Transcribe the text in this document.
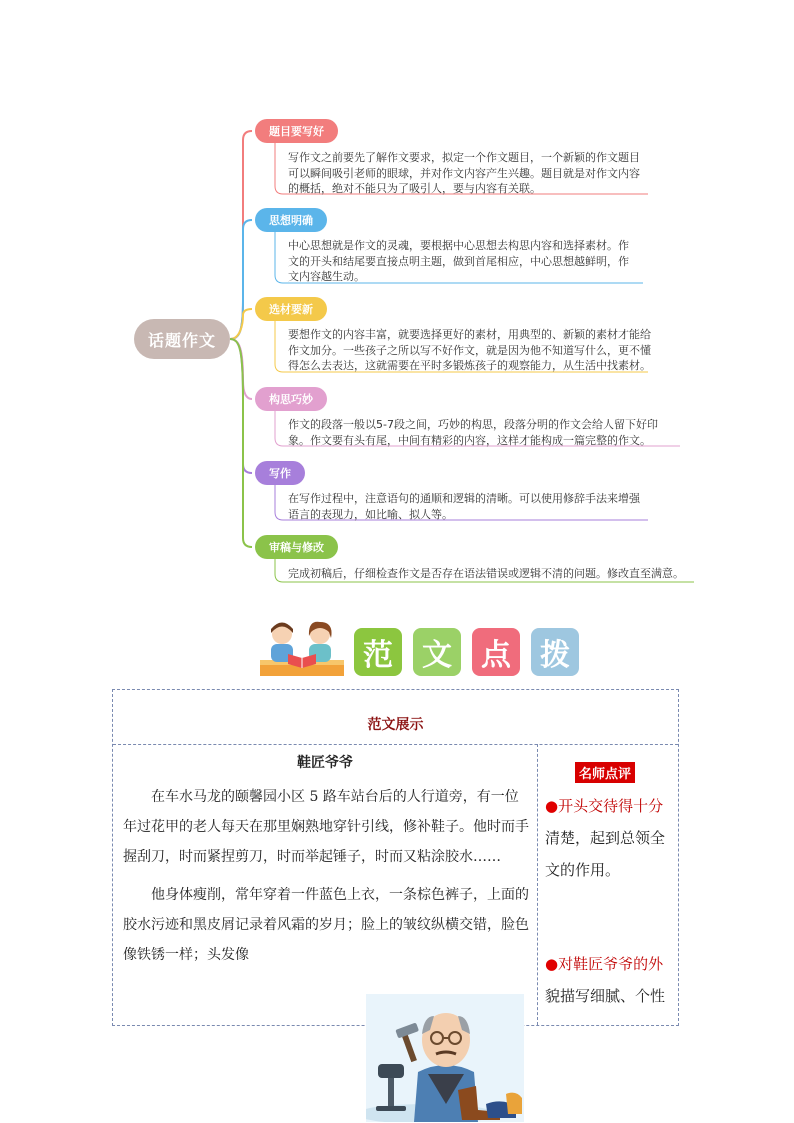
话题作文
题目要写好
写作文之前要先了解作文要求，拟定一个作文题目，一个新颖的作文题目
可以瞬间吸引老师的眼球，并对作文内容产生兴趣。题目就是对作文内容
的概括，绝对不能只为了吸引人，要与内容有关联。
思想明确
中心思想就是作文的灵魂，要根据中心思想去构思内容和选择素材。作
文的开头和结尾要直接点明主题，做到首尾相应，中心思想越鲜明，作
文内容越生动。
选材要新
要想作文的内容丰富，就要选择更好的素材，用典型的、新颖的素材才能给
作文加分。一些孩子之所以写不好作文，就是因为他不知道写什么，更不懂
得怎么去表达，这就需要在平时多锻炼孩子的观察能力，从生活中找素材。
构思巧妙
作文的段落一般以5-7段之间，巧妙的构思，段落分明的作文会给人留下好印
象。作文要有头有尾，中间有精彩的内容，这样才能构成一篇完整的作文。
写作
在写作过程中，注意语句的通顺和逻辑的清晰。可以使用修辞手法来增强
语言的表现力，如比喻、拟人等。
审稿与修改
完成初稿后，仔细检查作文是否存在语法错误或逻辑不清的问题。修改直至满意。
范 文 点 拨
范文展示
鞋匠爷爷

在车水马龙的颐馨园小区 5 路车站台后的人行道旁，有一位年过花甲的老人每天在那里娴熟地穿针引线，修补鞋子。他时而手握刮刀，时而紧捏剪刀，时而举起锤子，时而又粘涂胶水……

他身体瘦削，常年穿着一件蓝色上衣，一条棕色裤子，上面的胶水污迹和黑皮屑记录着风霜的岁月；脸上的皱纹纵横交错，脸色像铁锈一样；头发像

名师点评
●开头交待得十分清楚，起到总领全文的作用。
●对鞋匠爷爷的外貌描写细腻、个性
